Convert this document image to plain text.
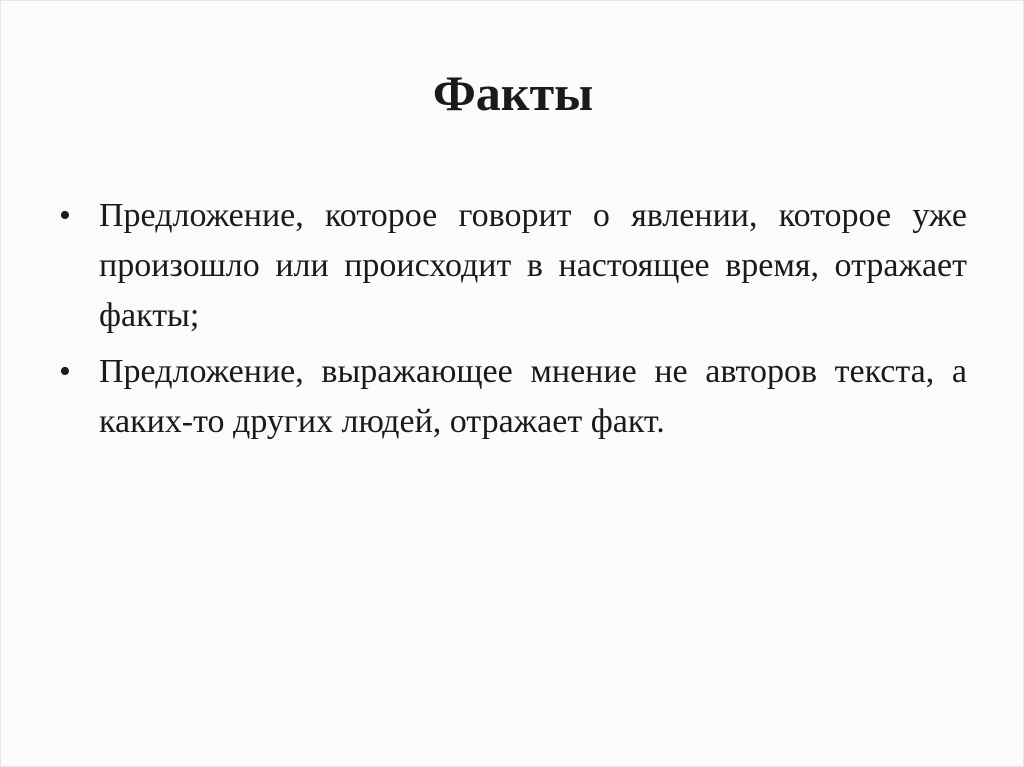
Факты
• Предложение, которое говорит о явлении, которое уже произошло или происходит в настоящее время, отражает факты;
• Предложение, выражающее мнение не авторов текста, а каких-то других людей, отражает факт.
